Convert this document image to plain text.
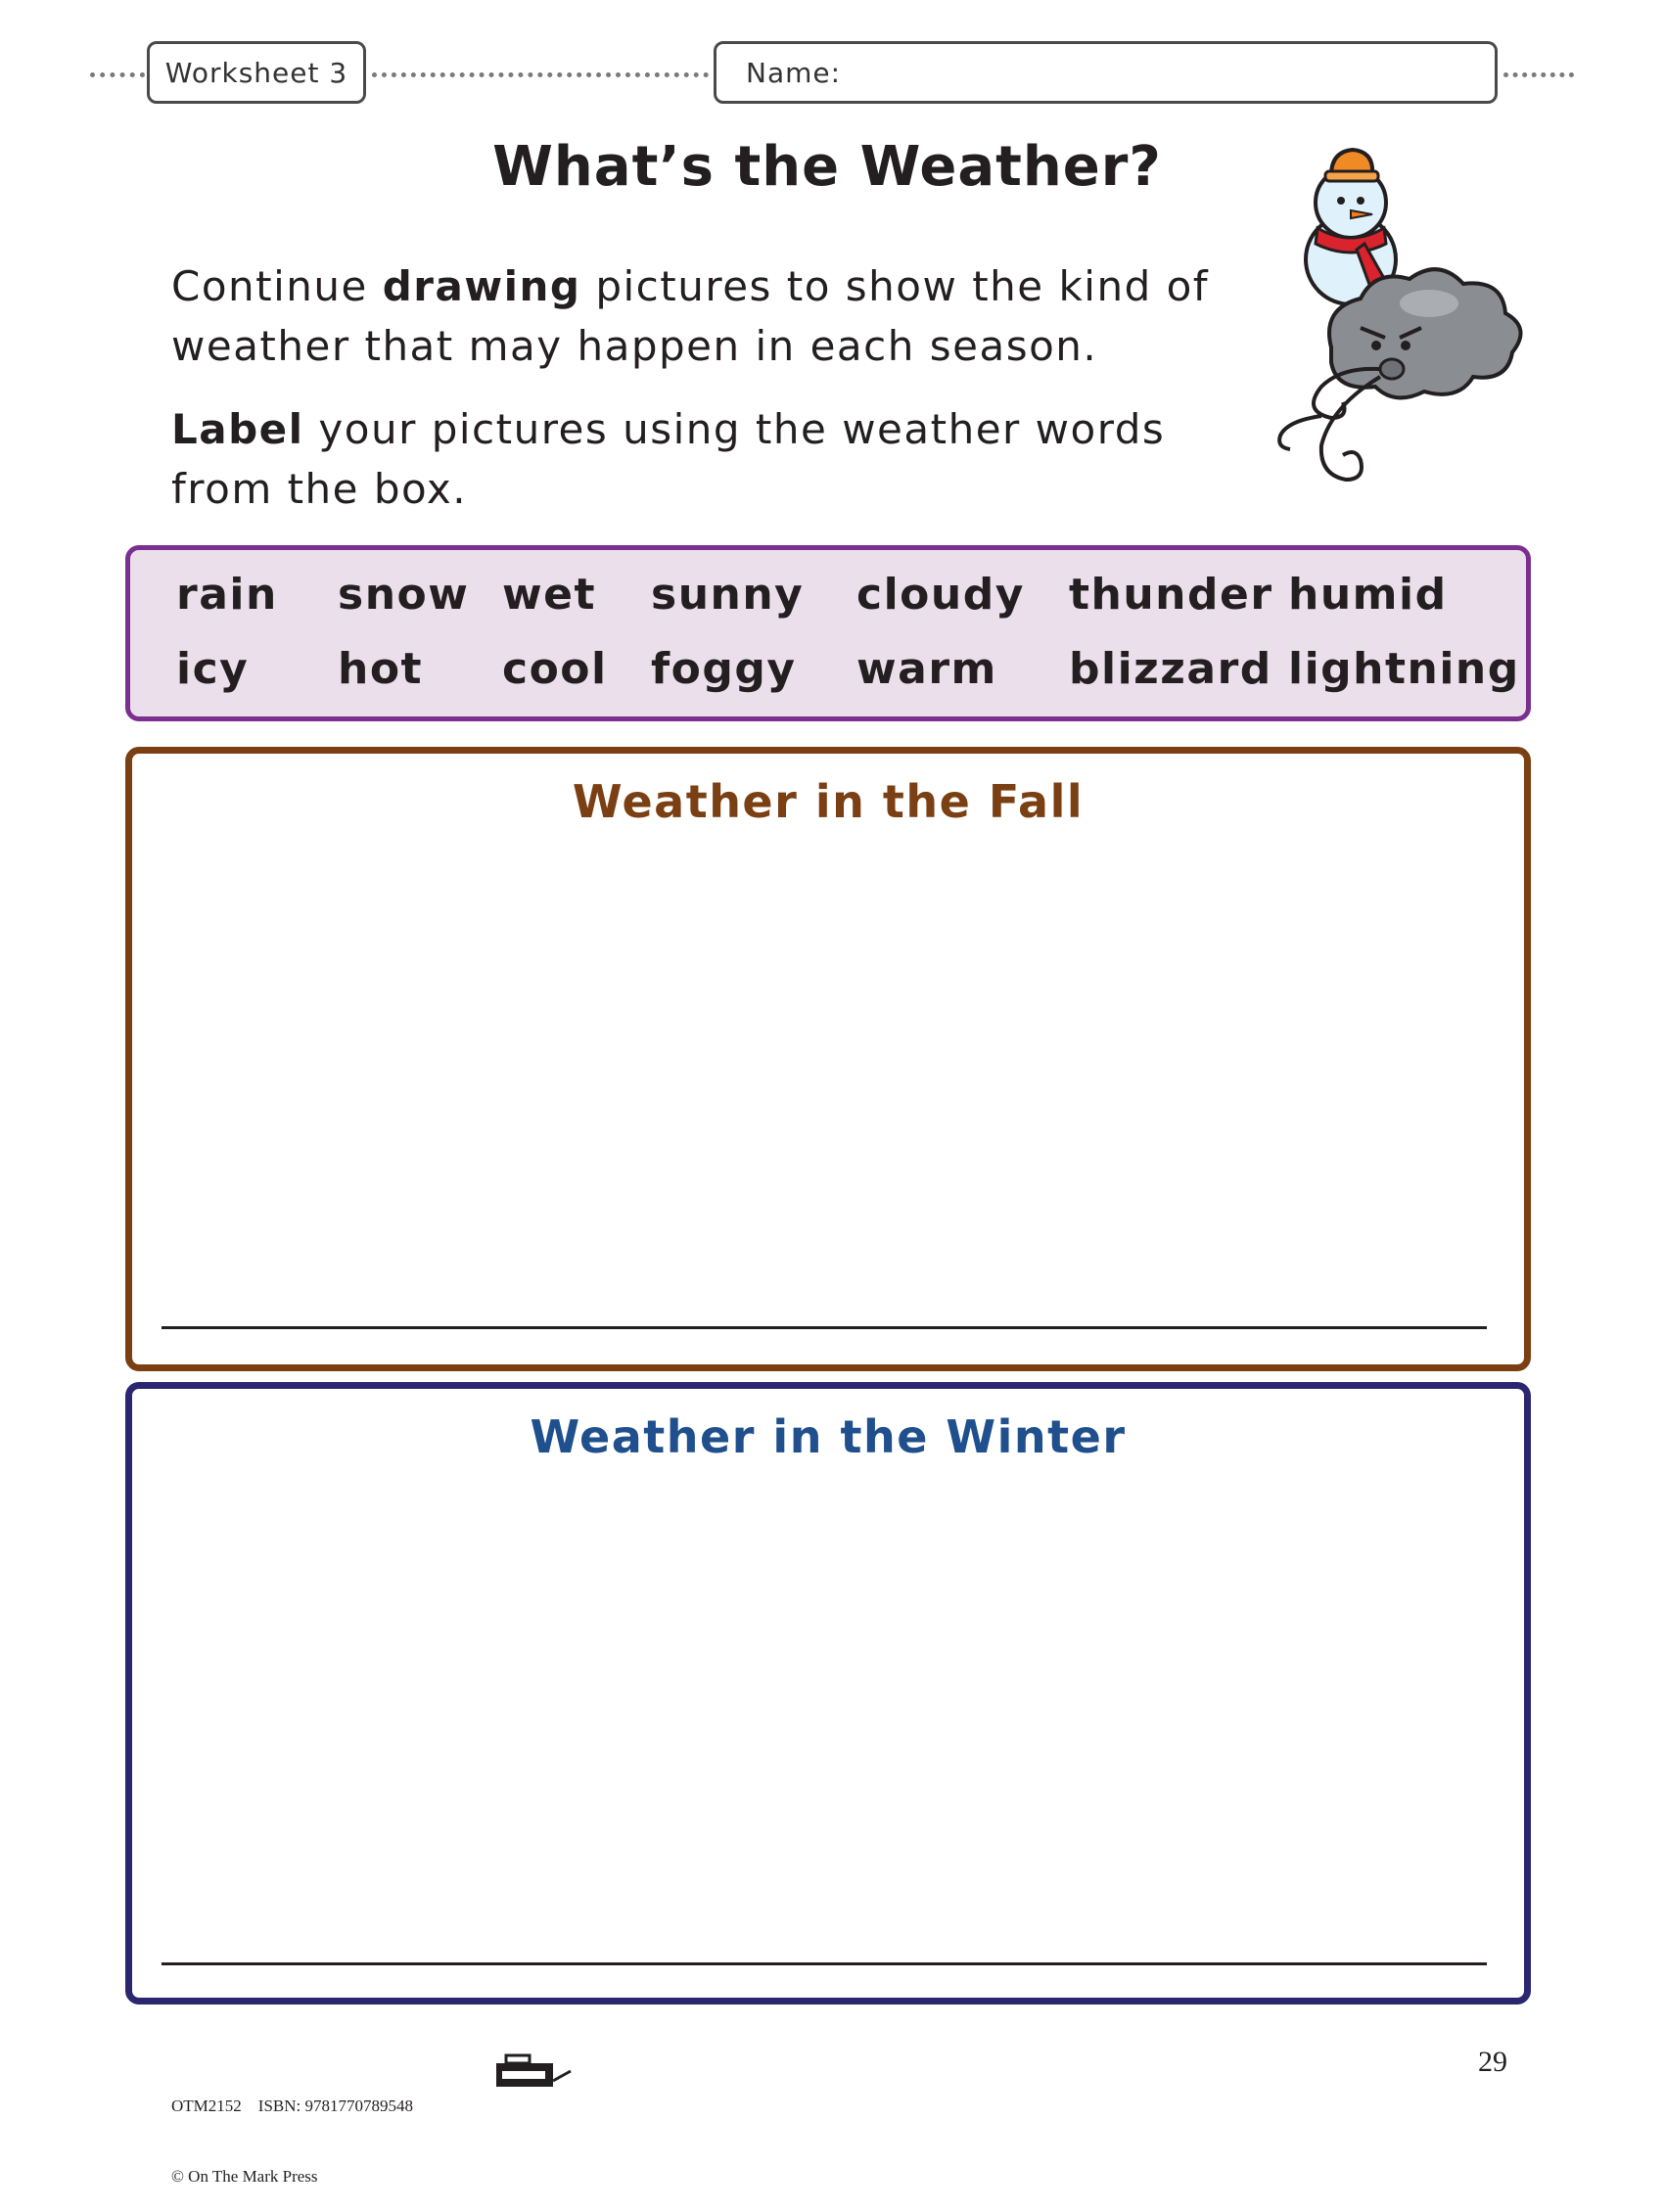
Worksheet 3	Name:
What’s the Weather?
Continue drawing pictures to show the kind of weather that may happen in each season.
Label your pictures using the weather words from the box.
rain snow wet sunny cloudy thunder humid
icy hot cool foggy warm blizzard lightning
Weather in the Fall
Weather in the Winter

OTM2152    ISBN: 9781770789548

© On The Mark Press

29
